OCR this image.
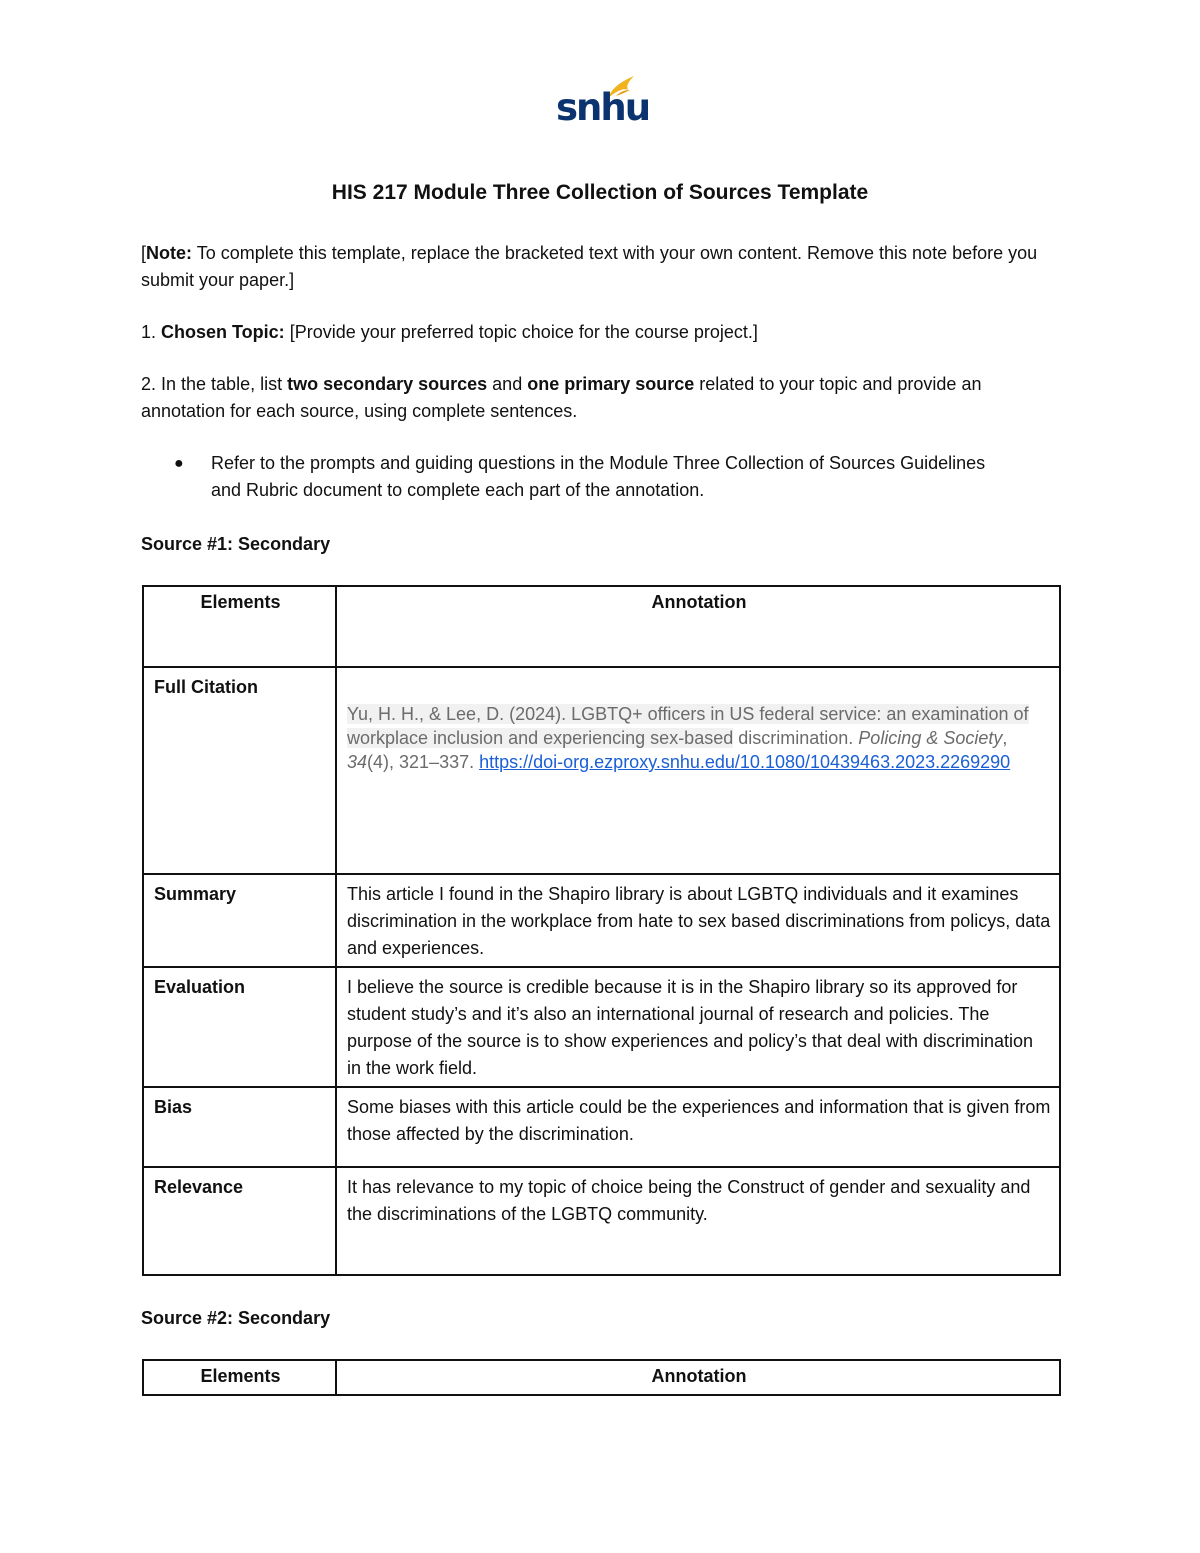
snhu
HIS 217 Module Three Collection of Sources Template
[Note: To complete this template, replace the bracketed text with your own content. Remove this note before you submit your paper.]
1. Chosen Topic: [Provide your preferred topic choice for the course project.]
2. In the table, list two secondary sources and one primary source related to your topic and provide an annotation for each source, using complete sentences.
● Refer to the prompts and guiding questions in the Module Three Collection of Sources Guidelines and Rubric document to complete each part of the annotation.
Source #1: Secondary
Elements	Annotation
Full Citation	Yu, H. H., & Lee, D. (2024). LGBTQ+ officers in US federal service: an examination of workplace inclusion and experiencing sex-based discrimination. Policing & Society, 34(4), 321–337. https://doi-org.ezproxy.snhu.edu/10.1080/10439463.2023.2269290

Summary	This article I found in the Shapiro library is about LGBTQ individuals and it examines discrimination in the workplace from hate to sex based discriminations from policys, data and experiences.
Evaluation	I believe the source is credible because it is in the Shapiro library so its approved for student study’s and it’s also an international journal of research and policies. The purpose of the source is to show experiences and policy’s that deal with discrimination in the work field.
Bias	Some biases with this article could be the experiences and information that is given from those affected by the discrimination.
Relevance	It has relevance to my topic of choice being the Construct of gender and sexuality and the discriminations of the LGBTQ community.
Source #2: Secondary
Elements	Annotation
